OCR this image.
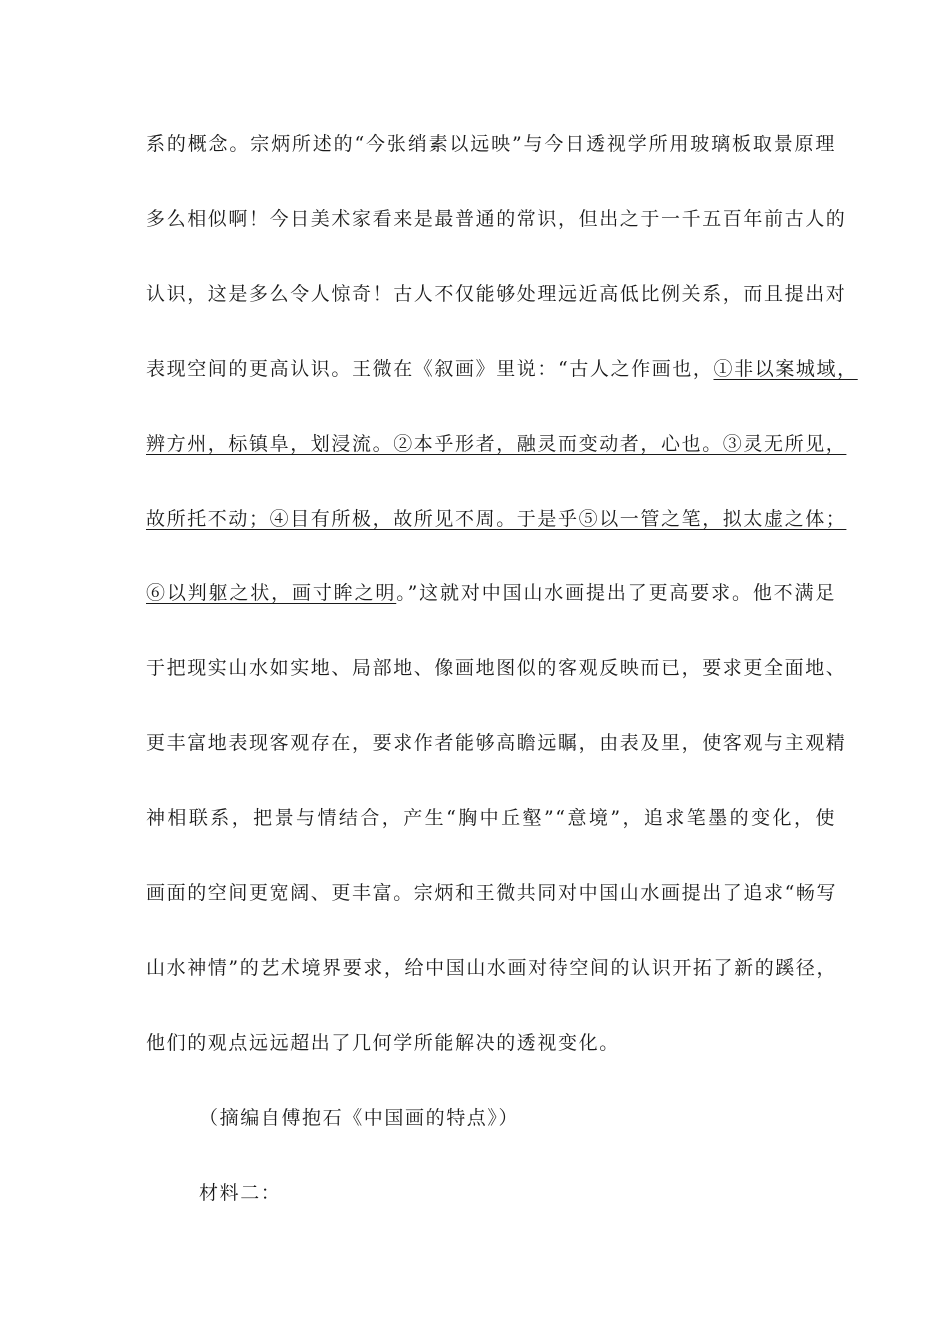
系的概念。宗炳所述的“今张绡素以远映”与今日透视学所用玻璃板取景原理
多么相似啊！今日美术家看来是最普通的常识，但出之于一千五百年前古人的
认识，这是多么令人惊奇！古人不仅能够处理远近高低比例关系，而且提出对
表现空间的更高认识。王微在《叙画》里说：“古人之作画也，①非以案城域，
辨方州，标镇阜，划浸流。②本乎形者，融灵而变动者，心也。③灵无所见，
故所托不动；④目有所极，故所见不周。于是乎⑤以一管之笔，拟太虚之体；
⑥以判躯之状，画寸眸之明。”这就对中国山水画提出了更高要求。他不满足
于把现实山水如实地、局部地、像画地图似的客观反映而已，要求更全面地、
更丰富地表现客观存在，要求作者能够高瞻远瞩，由表及里，使客观与主观精
神相联系，把景与情结合，产生“胸中丘壑”“意境”，追求笔墨的变化，使
画面的空间更宽阔、更丰富。宗炳和王微共同对中国山水画提出了追求“畅写
山水神情”的艺术境界要求，给中国山水画对待空间的认识开拓了新的蹊径，
他们的观点远远超出了几何学所能解决的透视变化。
（摘编自傅抱石《中国画的特点》）
材料二：
